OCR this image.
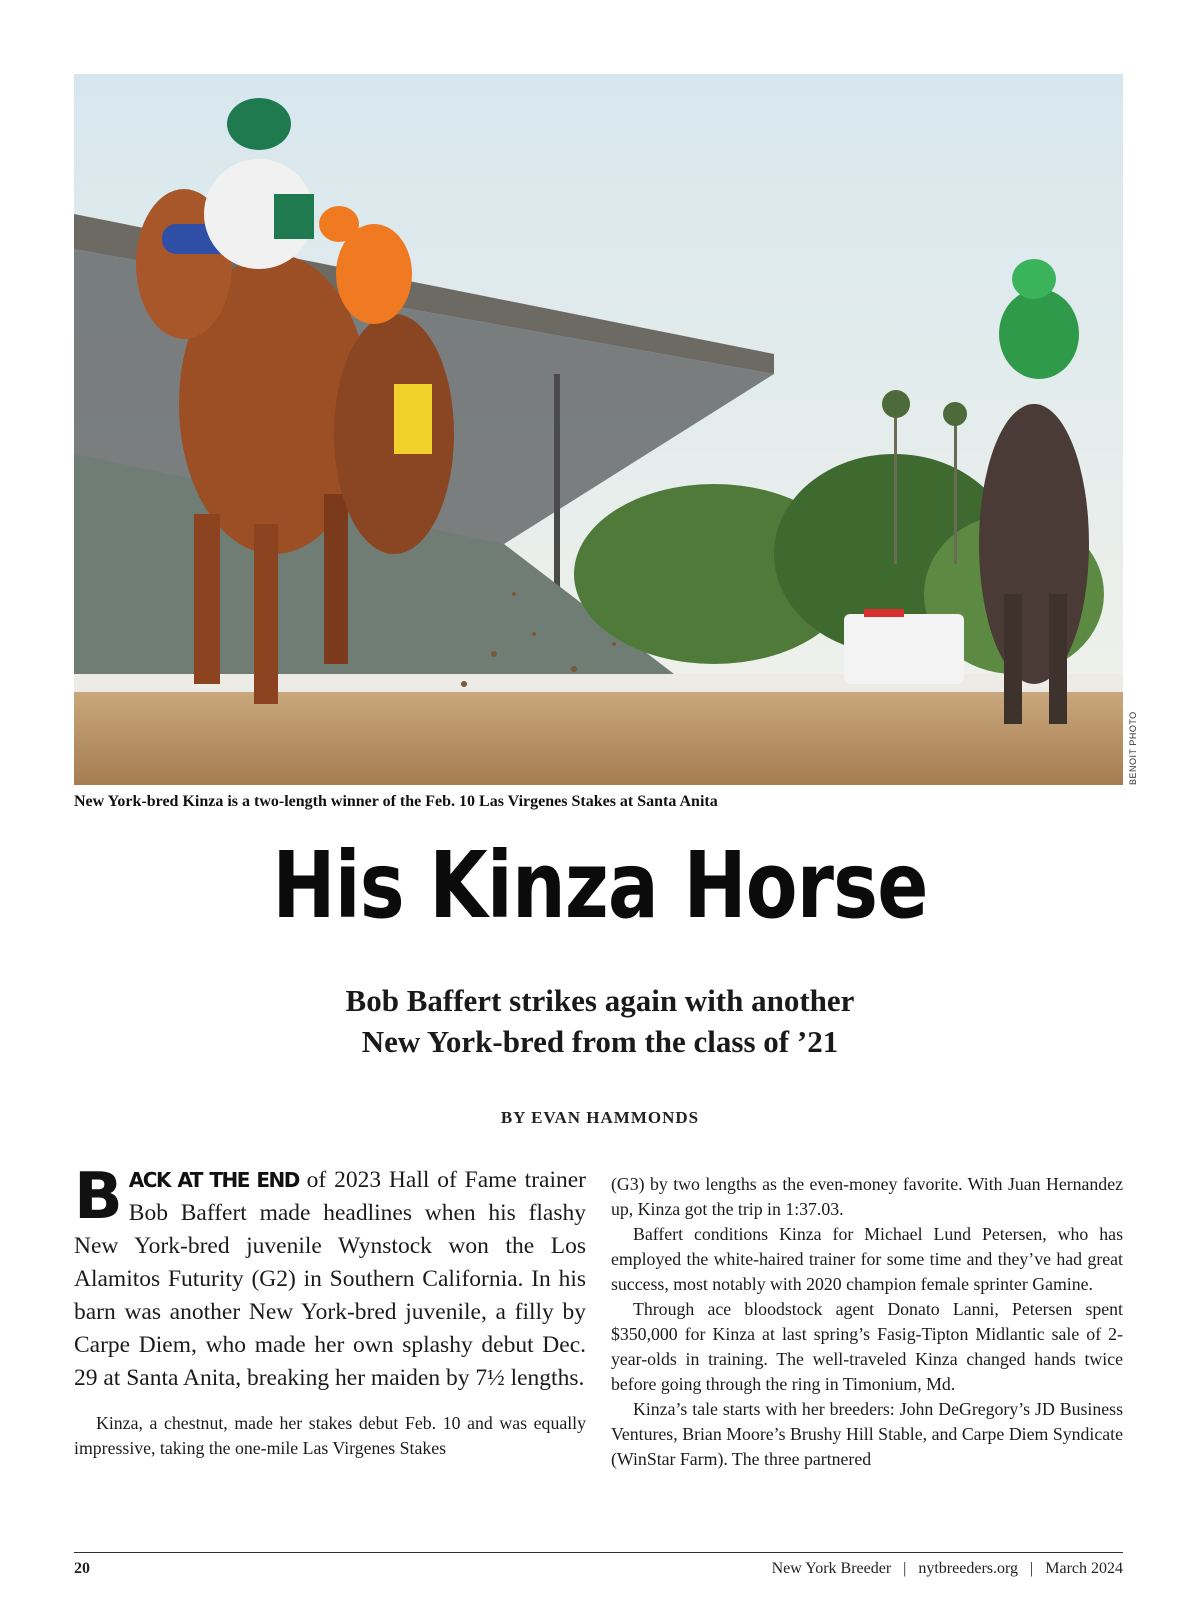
BENOIT PHOTO
New York-bred Kinza is a two-length winner of the Feb. 10 Las Virgenes Stakes at Santa Anita
His Kinza Horse
Bob Baffert strikes again with another
New York-bred from the class of ’21
BY EVAN HAMMONDS

BACK AT THE END of 2023 Hall of Fame trainer Bob Baffert made headlines when his flashy New York-bred juvenile Wynstock won the Los Alamitos Futurity (G2) in Southern California. In his barn was another New York-bred juvenile, a filly by Carpe Diem, who made her own splashy debut Dec. 29 at Santa Anita, breaking her maiden by 7½ lengths.

Kinza, a chestnut, made her stakes debut Feb. 10 and was equally impressive, taking the one-mile Las Virgenes Stakes

(G3) by two lengths as the even-money favorite. With Juan Hernandez up, Kinza got the trip in 1:37.03.

Baffert conditions Kinza for Michael Lund Petersen, who has employed the white-haired trainer for some time and they’ve had great success, most notably with 2020 champion female sprinter Gamine.

Through ace bloodstock agent Donato Lanni, Petersen spent $350,000 for Kinza at last spring’s Fasig-Tipton Midlantic sale of 2-year-olds in training. The well-traveled Kinza changed hands twice before going through the ring in Timonium, Md.

Kinza’s tale starts with her breeders: John DeGregory’s JD Business Ventures, Brian Moore’s Brushy Hill Stable, and Carpe Diem Syndicate (WinStar Farm). The three partnered

20	New York Breeder | nytbreeders.org | March 2024
